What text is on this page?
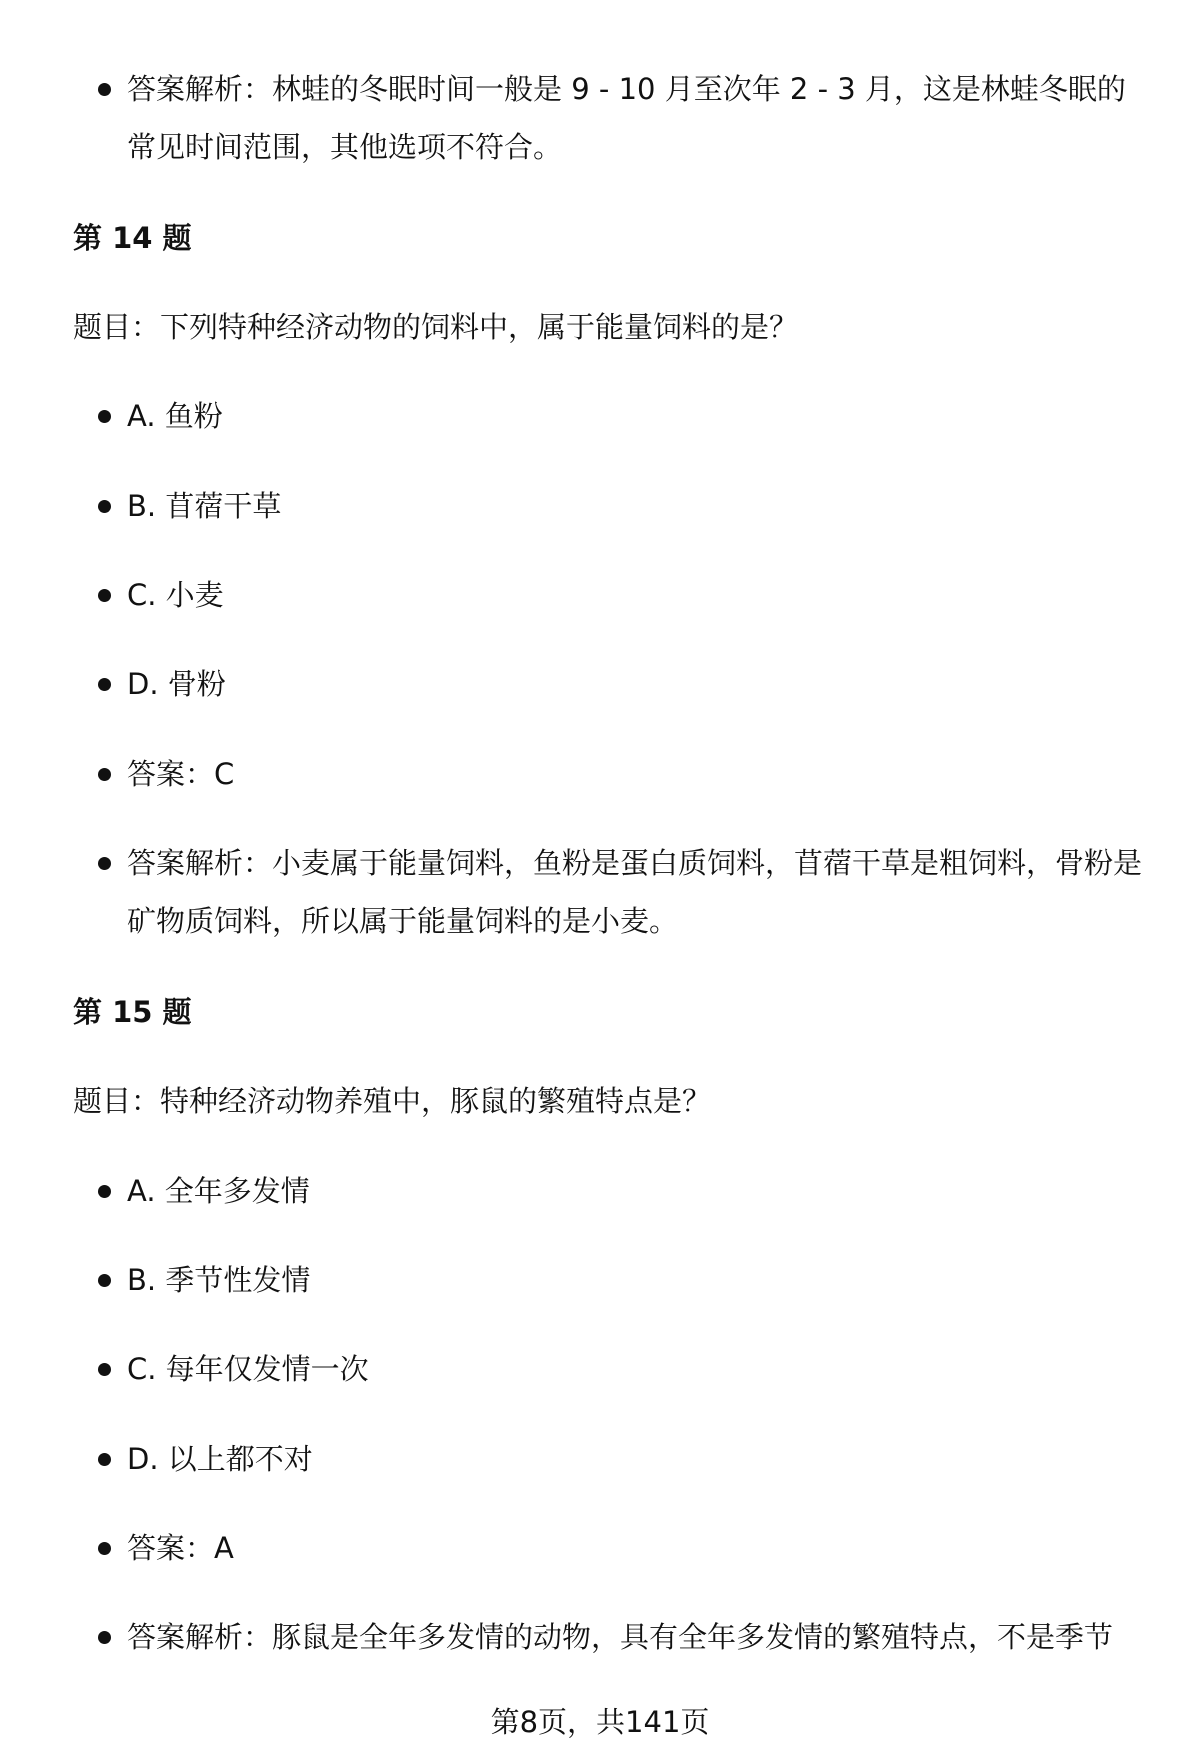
答案解析：林蛙的冬眠时间一般是 9 - 10 月至次年 2 - 3 月，这是林蛙冬眠的常见时间范围，其他选项不符合。
第 14 题
题目：下列特种经济动物的饲料中，属于能量饲料的是？
A. 鱼粉
B. 苜蓿干草
C. 小麦
D. 骨粉
答案：C
答案解析：小麦属于能量饲料，鱼粉是蛋白质饲料，苜蓿干草是粗饲料，骨粉是矿物质饲料，所以属于能量饲料的是小麦。
第 15 题
题目：特种经济动物养殖中，豚鼠的繁殖特点是？
A. 全年多发情
B. 季节性发情
C. 每年仅发情一次
D. 以上都不对
答案：A
答案解析：豚鼠是全年多发情的动物，具有全年多发情的繁殖特点，不是季节
第8页，共141页
